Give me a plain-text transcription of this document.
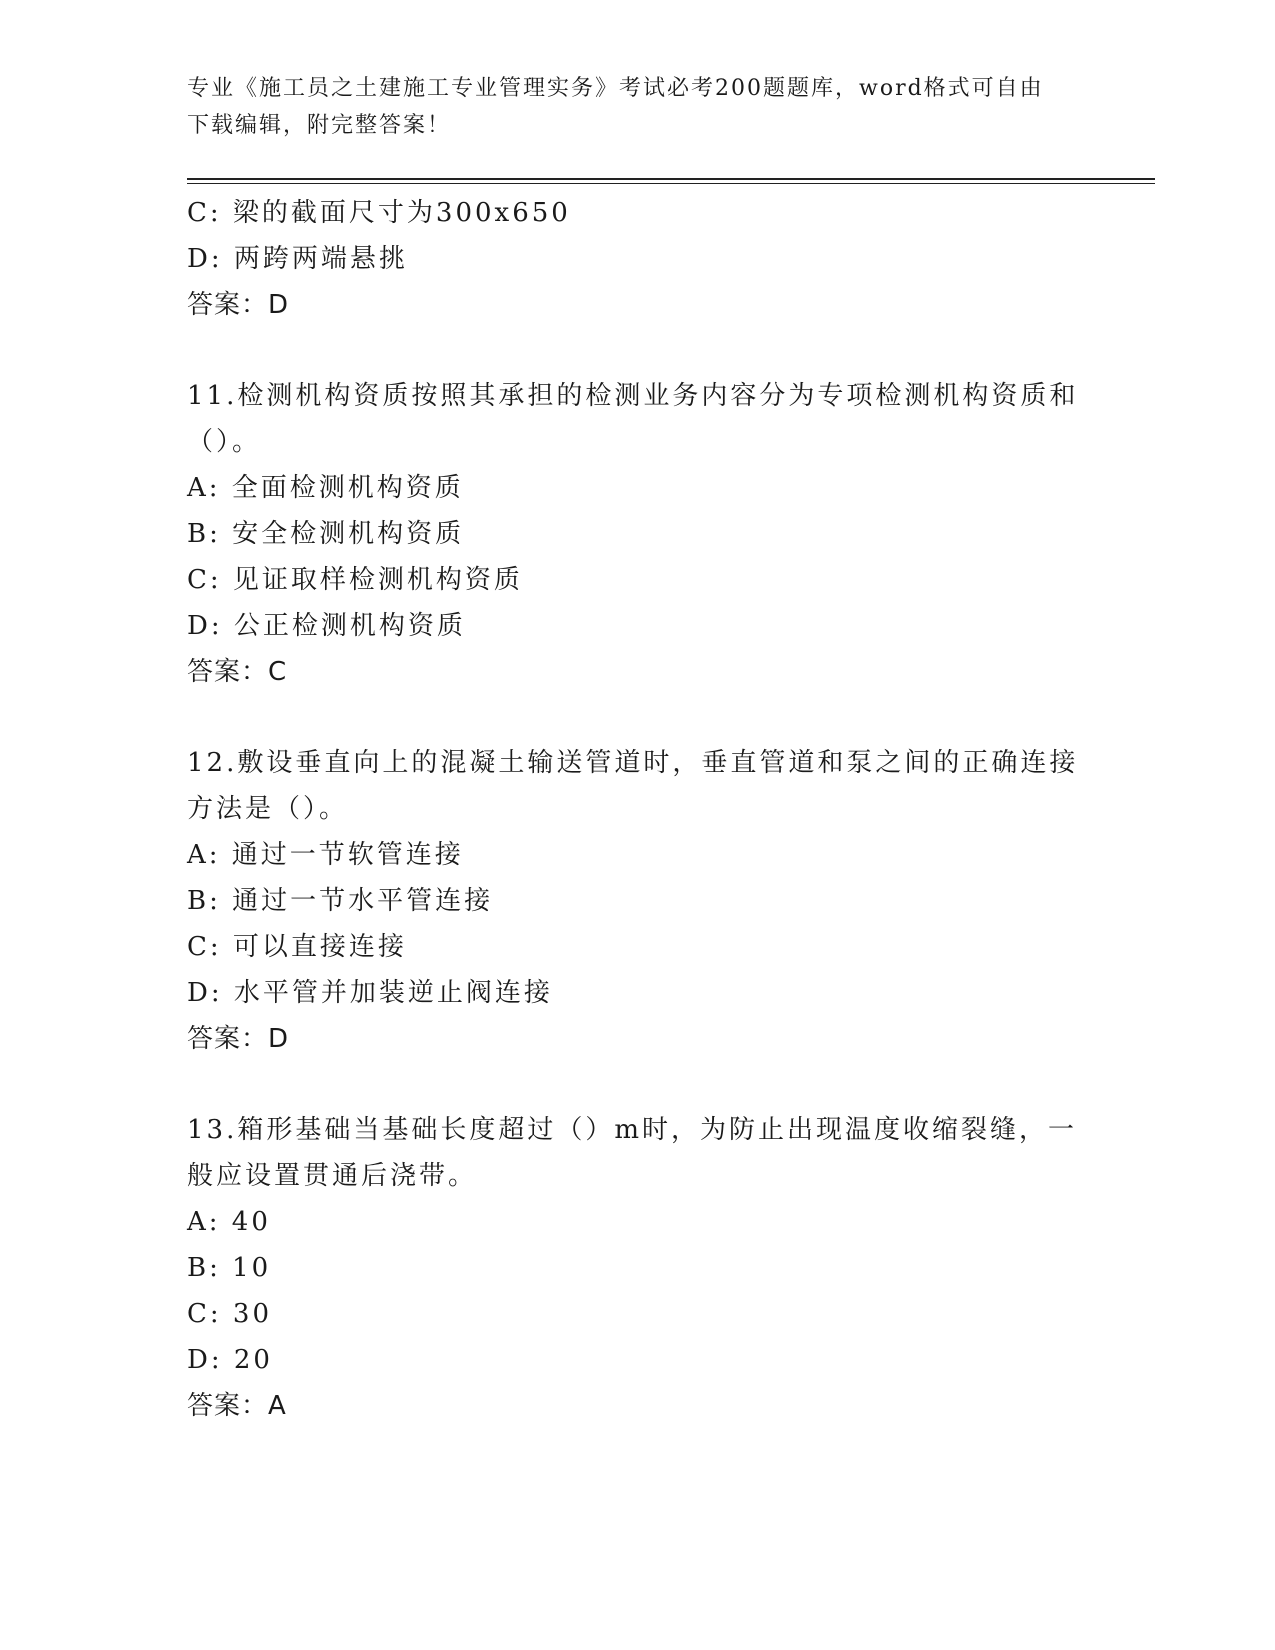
专业《施工员之土建施工专业管理实务》考试必考200题题库，word格式可自由
下载编辑，附完整答案！
C: 梁的截面尺寸为300x650
D: 两跨两端悬挑
答案：D
11.检测机构资质按照其承担的检测业务内容分为专项检测机构资质和
（）。
A: 全面检测机构资质
B: 安全检测机构资质
C: 见证取样检测机构资质
D: 公正检测机构资质
答案：C
12.敷设垂直向上的混凝土输送管道时，垂直管道和泵之间的正确连接
方法是（）。
A: 通过一节软管连接
B: 通过一节水平管连接
C: 可以直接连接
D: 水平管并加装逆止阀连接
答案：D
13.箱形基础当基础长度超过（）m时，为防止出现温度收缩裂缝，一
般应设置贯通后浇带。
A: 40
B: 10
C: 30
D: 20
答案：A
